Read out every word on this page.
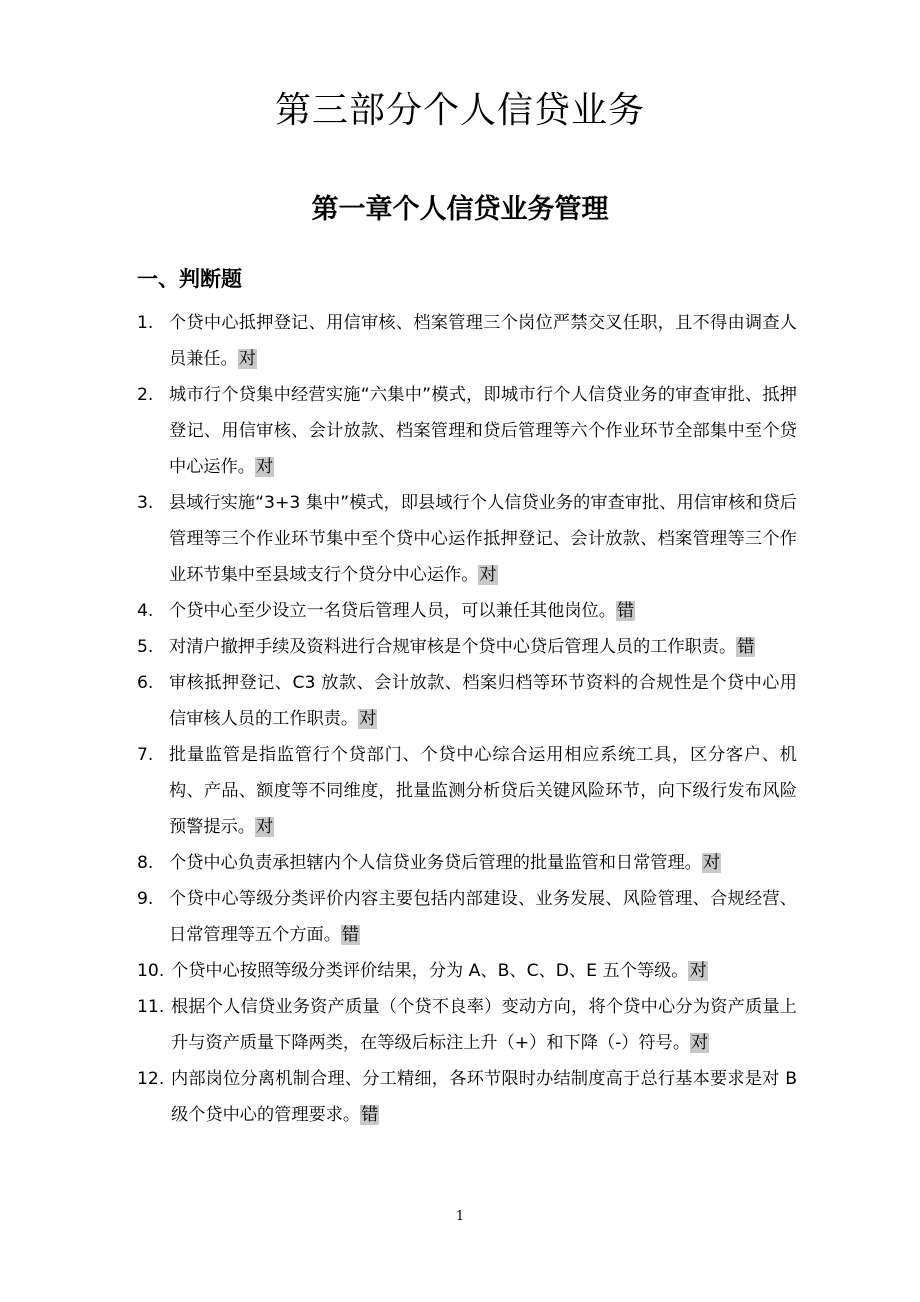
第三部分个人信贷业务
第一章个人信贷业务管理
一、判断题
1. 个贷中心抵押登记、用信审核、档案管理三个岗位严禁交叉任职，且不得由调查人员兼任。对
2. 城市行个贷集中经营实施“六集中”模式，即城市行个人信贷业务的审查审批、抵押登记、用信审核、会计放款、档案管理和贷后管理等六个作业环节全部集中至个贷中心运作。对
3. 县域行实施“3+3 集中”模式，即县域行个人信贷业务的审查审批、用信审核和贷后管理等三个作业环节集中至个贷中心运作抵押登记、会计放款、档案管理等三个作业环节集中至县域支行个贷分中心运作。对
4. 个贷中心至少设立一名贷后管理人员，可以兼任其他岗位。错
5. 对清户撤押手续及资料进行合规审核是个贷中心贷后管理人员的工作职责。错
6. 审核抵押登记、C3 放款、会计放款、档案归档等环节资料的合规性是个贷中心用信审核人员的工作职责。对
7. 批量监管是指监管行个贷部门、个贷中心综合运用相应系统工具，区分客户、机构、产品、额度等不同维度，批量监测分析贷后关键风险环节，向下级行发布风险预警提示。对
8. 个贷中心负责承担辖内个人信贷业务贷后管理的批量监管和日常管理。对
9. 个贷中心等级分类评价内容主要包括内部建设、业务发展、风险管理、合规经营、日常管理等五个方面。错
10. 个贷中心按照等级分类评价结果，分为 A、B、C、D、E 五个等级。对
11. 根据个人信贷业务资产质量（个贷不良率）变动方向，将个贷中心分为资产质量上升与资产质量下降两类，在等级后标注上升（+）和下降（-）符号。对
12. 内部岗位分离机制合理、分工精细，各环节限时办结制度高于总行基本要求是对 B 级个贷中心的管理要求。错
1
